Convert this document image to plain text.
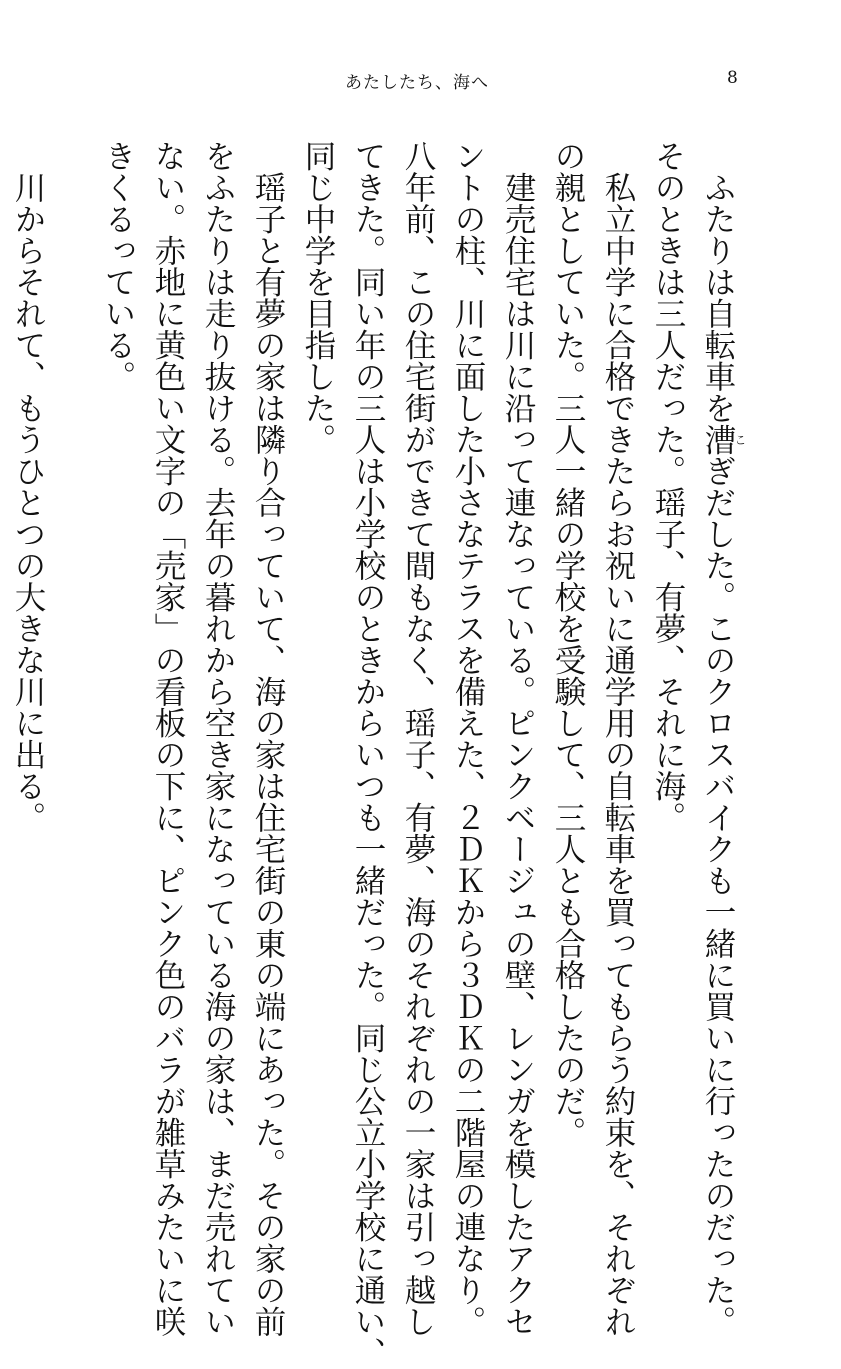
あたしたち、海へ	8

　ふたりは自転車を漕こぎだした。このクロスバイクも一緒に買いに行ったのだった。
そのときは三人だった。瑶子、有夢、それに海。

　私立中学に合格できたらお祝いに通学用の自転車を買ってもらう約束を、それぞれ
の親としていた。三人一緒の学校を受験して、三人とも合格したのだ。

　建売住宅は川に沿って連なっている。ピンクベージュの壁、レンガを模したアクセ
ントの柱、川に面した小さなテラスを備えた、２ＤＫから３ＤＫの二階屋の連なり。
八年前、この住宅街ができて間もなく、瑶子、有夢、海のそれぞれの一家は引っ越し
てきた。同い年の三人は小学校のときからいつも一緒だった。同じ公立小学校に通い、
同じ中学を目指した。

　瑶子と有夢の家は隣り合っていて、海の家は住宅街の東の端にあった。その家の前
をふたりは走り抜ける。去年の暮れから空き家になっている海の家は、まだ売れてい
ない。赤地に黄色い文字の「売家」の看板の下に、ピンク色のバラが雑草みたいに咲
きくるっている。

　川からそれて、もうひとつの大きな川に出る。
